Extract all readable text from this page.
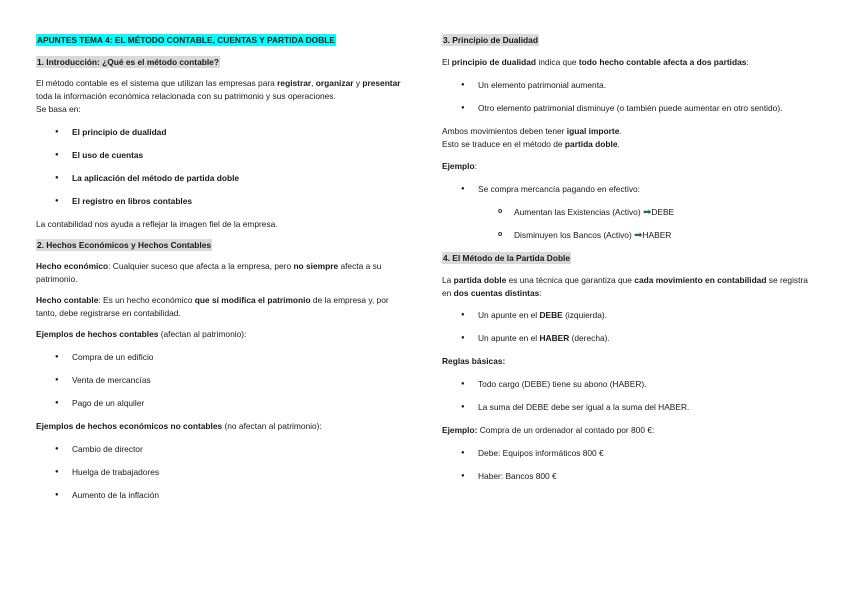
APUNTES TEMA 4: EL MÉTODO CONTABLE, CUENTAS Y PARTIDA DOBLE

1. Introducción: ¿Qué es el método contable?

El método contable es el sistema que utilizan las empresas para registrar, organizar y presentar toda la información económica relacionada con su patrimonio y sus operaciones.

Se basa en:

● El principio de dualidad
● El uso de cuentas
● La aplicación del método de partida doble
● El registro en libros contables

La contabilidad nos ayuda a reflejar la imagen fiel de la empresa.

2. Hechos Económicos y Hechos Contables

Hecho económico: Cualquier suceso que afecta a la empresa, pero no siempre afecta a su patrimonio.

Hecho contable: Es un hecho económico que sí modifica el patrimonio de la empresa y, por tanto, debe registrarse en contabilidad.

Ejemplos de hechos contables (afectan al patrimonio):

● Compra de un edificio
● Venta de mercancías
● Pago de un alquiler

Ejemplos de hechos económicos no contables (no afectan al patrimonio):

● Cambio de director
● Huelga de trabajadores
● Aumento de la inflación

3. Principio de Dualidad

El principio de dualidad indica que todo hecho contable afecta a dos partidas:

● Un elemento patrimonial aumenta.
● Otro elemento patrimonial disminuye (o también puede aumentar en otro sentido).

Ambos movimientos deben tener igual importe.

Esto se traduce en el método de partida doble.

Ejemplo:

● Se compra mercancía pagando en efectivo:
o Aumentan las Existencias (Activo) ➡DEBE
o Disminuyen los Bancos (Activo) ➡HABER

4. El Método de la Partida Doble

La partida doble es una técnica que garantiza que cada movimiento en contabilidad se registra en dos cuentas distintas:

● Un apunte en el DEBE (izquierda).
● Un apunte en el HABER (derecha).

Reglas básicas:

● Todo cargo (DEBE) tiene su abono (HABER).
● La suma del DEBE debe ser igual a la suma del HABER.

Ejemplo: Compra de un ordenador al contado por 800 €:

● Debe: Equipos informáticos 800 €
● Haber: Bancos 800 €
